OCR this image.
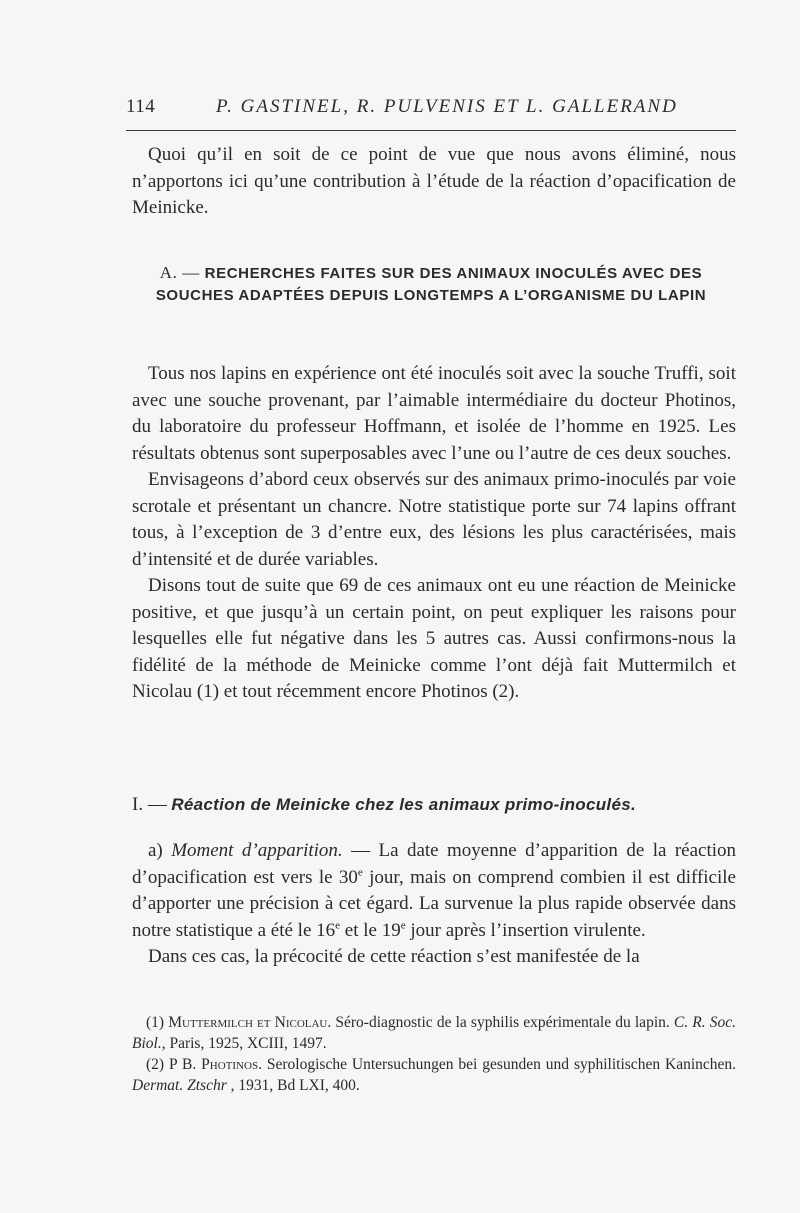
114	P. GASTINEL, R. PULVENIS ET L. GALLERAND

Quoi qu’il en soit de ce point de vue que nous avons éliminé, nous n’apportons ici qu’une contribution à l’étude de la réaction d’opacification de Meinicke.

A. — RECHERCHES FAITES SUR DES ANIMAUX INOCULÉS AVEC DES SOUCHES ADAPTÉES DEPUIS LONGTEMPS A L’ORGANISME DU LAPIN

Tous nos lapins en expérience ont été inoculés soit avec la souche Truffi, soit avec une souche provenant, par l’aimable intermédiaire du docteur Photinos, du laboratoire du professeur Hoffmann, et isolée de l’homme en 1925. Les résultats obtenus sont superposables avec l’une ou l’autre de ces deux souches.

Envisageons d’abord ceux observés sur des animaux primo-inoculés par voie scrotale et présentant un chancre. Notre statistique porte sur 74 lapins offrant tous, à l’exception de 3 d’entre eux, des lésions les plus caractérisées, mais d’intensité et de durée variables.

Disons tout de suite que 69 de ces animaux ont eu une réaction de Meinicke positive, et que jusqu’à un certain point, on peut expliquer les raisons pour lesquelles elle fut négative dans les 5 autres cas. Aussi confirmons-nous la fidélité de la méthode de Meinicke comme l’ont déjà fait Muttermilch et Nicolau (1) et tout récemment encore Photinos (2).

I. — Réaction de Meinicke chez les animaux primo-inoculés.

a) Moment d’apparition. — La date moyenne d’apparition de la réaction d’opacification est vers le 30e jour, mais on comprend combien il est difficile d’apporter une précision à cet égard. La survenue la plus rapide observée dans notre statistique a été le 16e et le 19e jour après l’insertion virulente.

Dans ces cas, la précocité de cette réaction s’est manifestée de la

(1) Muttermilch et Nicolau. Séro-diagnostic de la syphilis expérimentale du lapin. C. R. Soc. Biol., Paris, 1925, XCIII, 1497.

(2) P B. Photinos. Serologische Untersuchungen bei gesunden und syphilitischen Kaninchen. Dermat. Ztschr , 1931, Bd LXI, 400.
